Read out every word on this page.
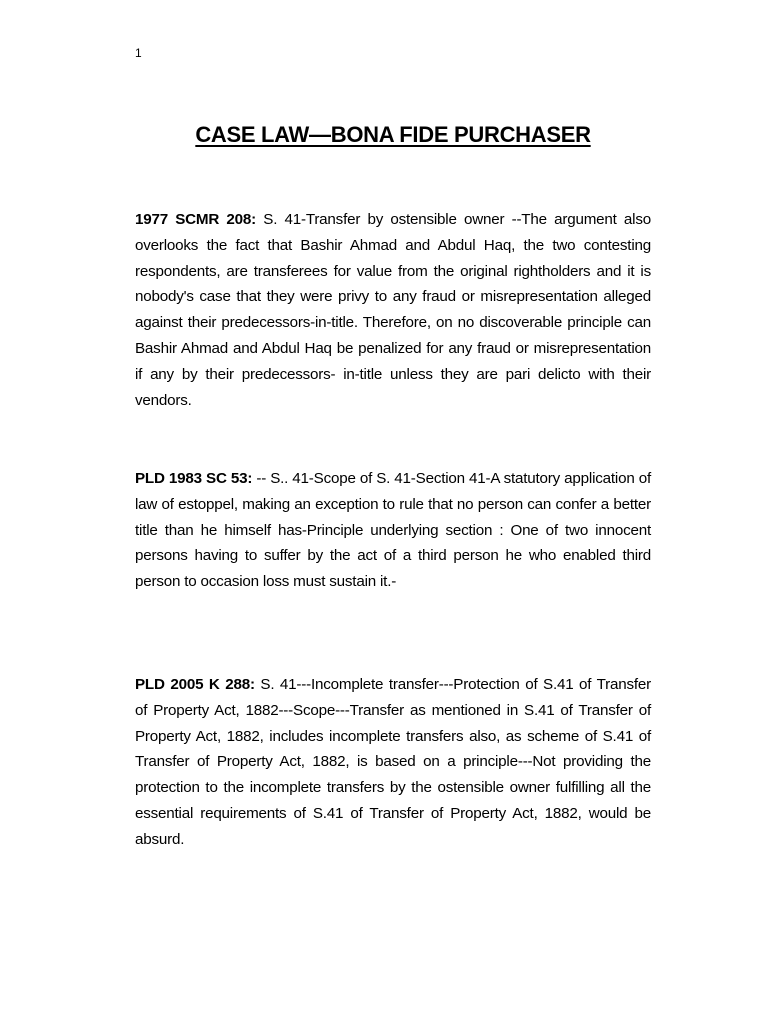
1
CASE LAW—BONA FIDE PURCHASER

1977 SCMR 208: S. 41-Transfer by ostensible owner --The argument also overlooks the fact that Bashir Ahmad and Abdul Haq, the two contesting respondents, are transferees for value from the original rightholders and it is nobody's case that they were privy to any fraud or misrepresentation alleged against their predecessors-in-title. Therefore, on no discoverable principle can Bashir Ahmad and Abdul Haq be penalized for any fraud or misrepresentation if any by their predecessors- in-title unless they are pari delicto with their vendors.

PLD 1983 SC 53: -- S.. 41-Scope of S. 41-Section 41-A statutory application of law of estoppel, making an exception to rule that no person can confer a better title than he himself has-Principle underlying section : One of two innocent persons having to suffer by the act of a third person he who enabled third person to occasion loss must sustain it.-

PLD 2005 K 288: S. 41---Incomplete transfer---Protection of S.41 of Transfer of Property Act, 1882---Scope---Transfer as mentioned in S.41 of Transfer of Property Act, 1882, includes incomplete transfers also, as scheme of S.41 of Transfer of Property Act, 1882, is based on a principle---Not providing the protection to the incomplete transfers by the ostensible owner fulfilling all the essential requirements of S.41 of Transfer of Property Act, 1882, would be absurd.
